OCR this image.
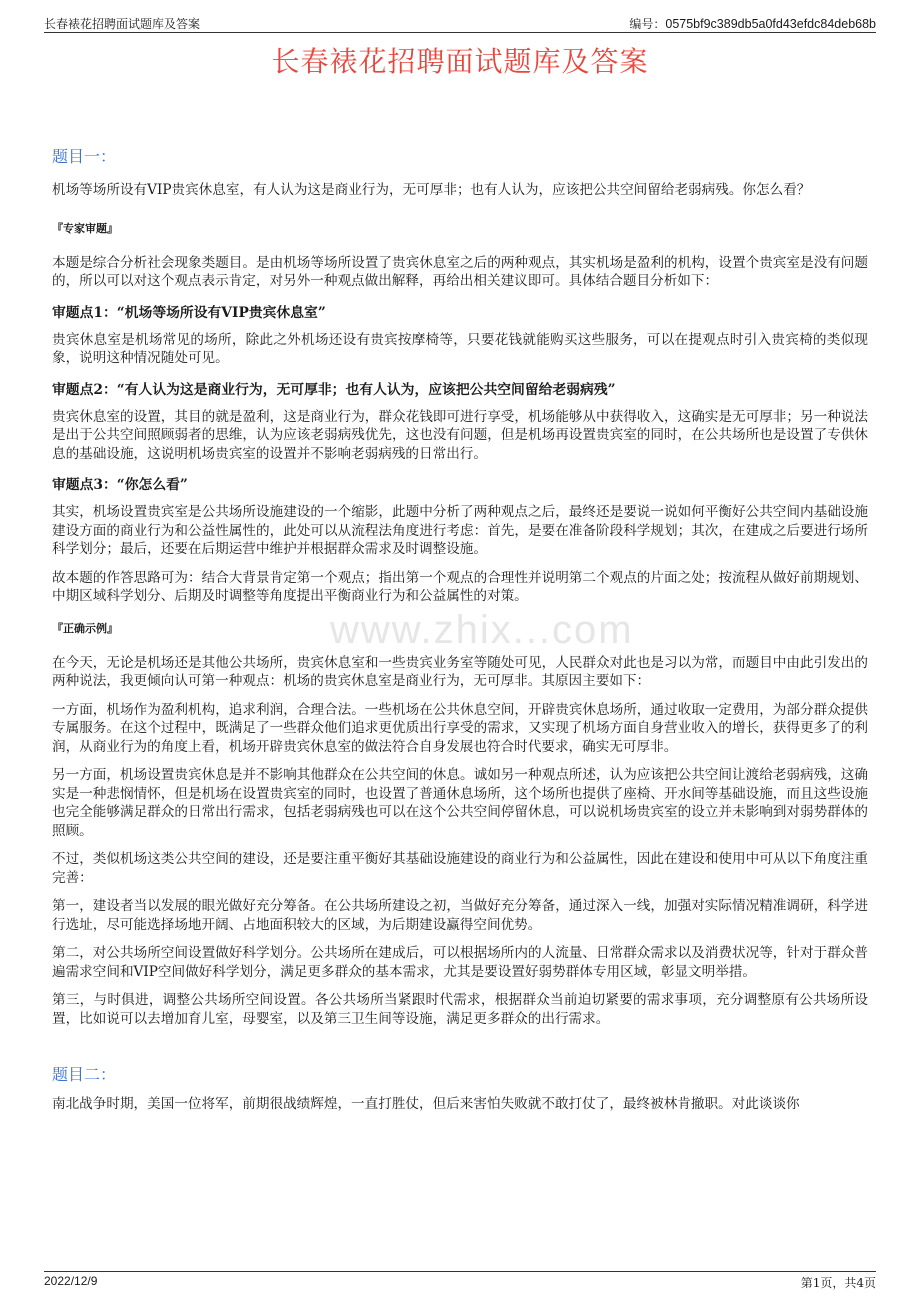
长春裱花招聘面试题库及答案	编号：0575bf9c389db5a0fd43efdc84deb68b
长春裱花招聘面试题库及答案
www.zhix...com

题目一：

机场等场所设有VIP贵宾休息室，有人认为这是商业行为，无可厚非；也有人认为，应该把公共空间留给老弱病残。你怎么看？

『专家审题』

本题是综合分析社会现象类题目。是由机场等场所设置了贵宾休息室之后的两种观点，其实机场是盈利的机构，设置个贵宾室是没有问题的，所以可以对这个观点表示肯定，对另外一种观点做出解释，再给出相关建议即可。具体结合题目分析如下：

审题点1：“机场等场所设有VIP贵宾休息室”

贵宾休息室是机场常见的场所，除此之外机场还设有贵宾按摩椅等，只要花钱就能购买这些服务，可以在提观点时引入贵宾椅的类似现象，说明这种情况随处可见。

审题点2：“有人认为这是商业行为，无可厚非；也有人认为，应该把公共空间留给老弱病残”

贵宾休息室的设置，其目的就是盈利，这是商业行为，群众花钱即可进行享受，机场能够从中获得收入，这确实是无可厚非；另一种说法是出于公共空间照顾弱者的思维，认为应该老弱病残优先，这也没有问题，但是机场再设置贵宾室的同时，在公共场所也是设置了专供休息的基础设施，这说明机场贵宾室的设置并不影响老弱病残的日常出行。

审题点3：“你怎么看”

其实，机场设置贵宾室是公共场所设施建设的一个缩影，此题中分析了两种观点之后，最终还是要说一说如何平衡好公共空间内基础设施建设方面的商业行为和公益性属性的，此处可以从流程法角度进行考虑：首先，是要在准备阶段科学规划；其次，在建成之后要进行场所科学划分；最后，还要在后期运营中维护并根据群众需求及时调整设施。

故本题的作答思路可为：结合大背景肯定第一个观点；指出第一个观点的合理性并说明第二个观点的片面之处；按流程从做好前期规划、中期区域科学划分、后期及时调整等角度提出平衡商业行为和公益属性的对策。

『正确示例』

在今天，无论是机场还是其他公共场所，贵宾休息室和一些贵宾业务室等随处可见，人民群众对此也是习以为常，而题目中由此引发出的两种说法，我更倾向认可第一种观点：机场的贵宾休息室是商业行为，无可厚非。其原因主要如下：

一方面，机场作为盈利机构，追求利润，合理合法。一些机场在公共休息空间，开辟贵宾休息场所，通过收取一定费用，为部分群众提供专属服务。在这个过程中，既满足了一些群众他们追求更优质出行享受的需求，又实现了机场方面自身营业收入的增长，获得更多了的利润，从商业行为的角度上看，机场开辟贵宾休息室的做法符合自身发展也符合时代要求，确实无可厚非。

另一方面，机场设置贵宾休息是并不影响其他群众在公共空间的休息。诚如另一种观点所述，认为应该把公共空间让渡给老弱病残，这确实是一种悲悯情怀，但是机场在设置贵宾室的同时，也设置了普通休息场所，这个场所也提供了座椅、开水间等基础设施，而且这些设施也完全能够满足群众的日常出行需求，包括老弱病残也可以在这个公共空间停留休息，可以说机场贵宾室的设立并未影响到对弱势群体的照顾。

不过，类似机场这类公共空间的建设，还是要注重平衡好其基础设施建设的商业行为和公益属性，因此在建设和使用中可从以下角度注重完善：

第一，建设者当以发展的眼光做好充分筹备。在公共场所建设之初，当做好充分筹备，通过深入一线，加强对实际情况精准调研，科学进行选址，尽可能选择场地开阔、占地面积较大的区域，为后期建设赢得空间优势。

第二，对公共场所空间设置做好科学划分。公共场所在建成后，可以根据场所内的人流量、日常群众需求以及消费状况等，针对于群众普遍需求空间和VIP空间做好科学划分，满足更多群众的基本需求，尤其是要设置好弱势群体专用区域，彰显文明举措。

第三，与时俱进，调整公共场所空间设置。各公共场所当紧跟时代需求，根据群众当前迫切紧要的需求事项，充分调整原有公共场所设置，比如说可以去增加育儿室，母婴室，以及第三卫生间等设施，满足更多群众的出行需求。

题目二：

南北战争时期，美国一位将军，前期很战绩辉煌，一直打胜仗，但后来害怕失败就不敢打仗了，最终被林肯撤职。对此谈谈你

2022/12/9	第1页，共4页
